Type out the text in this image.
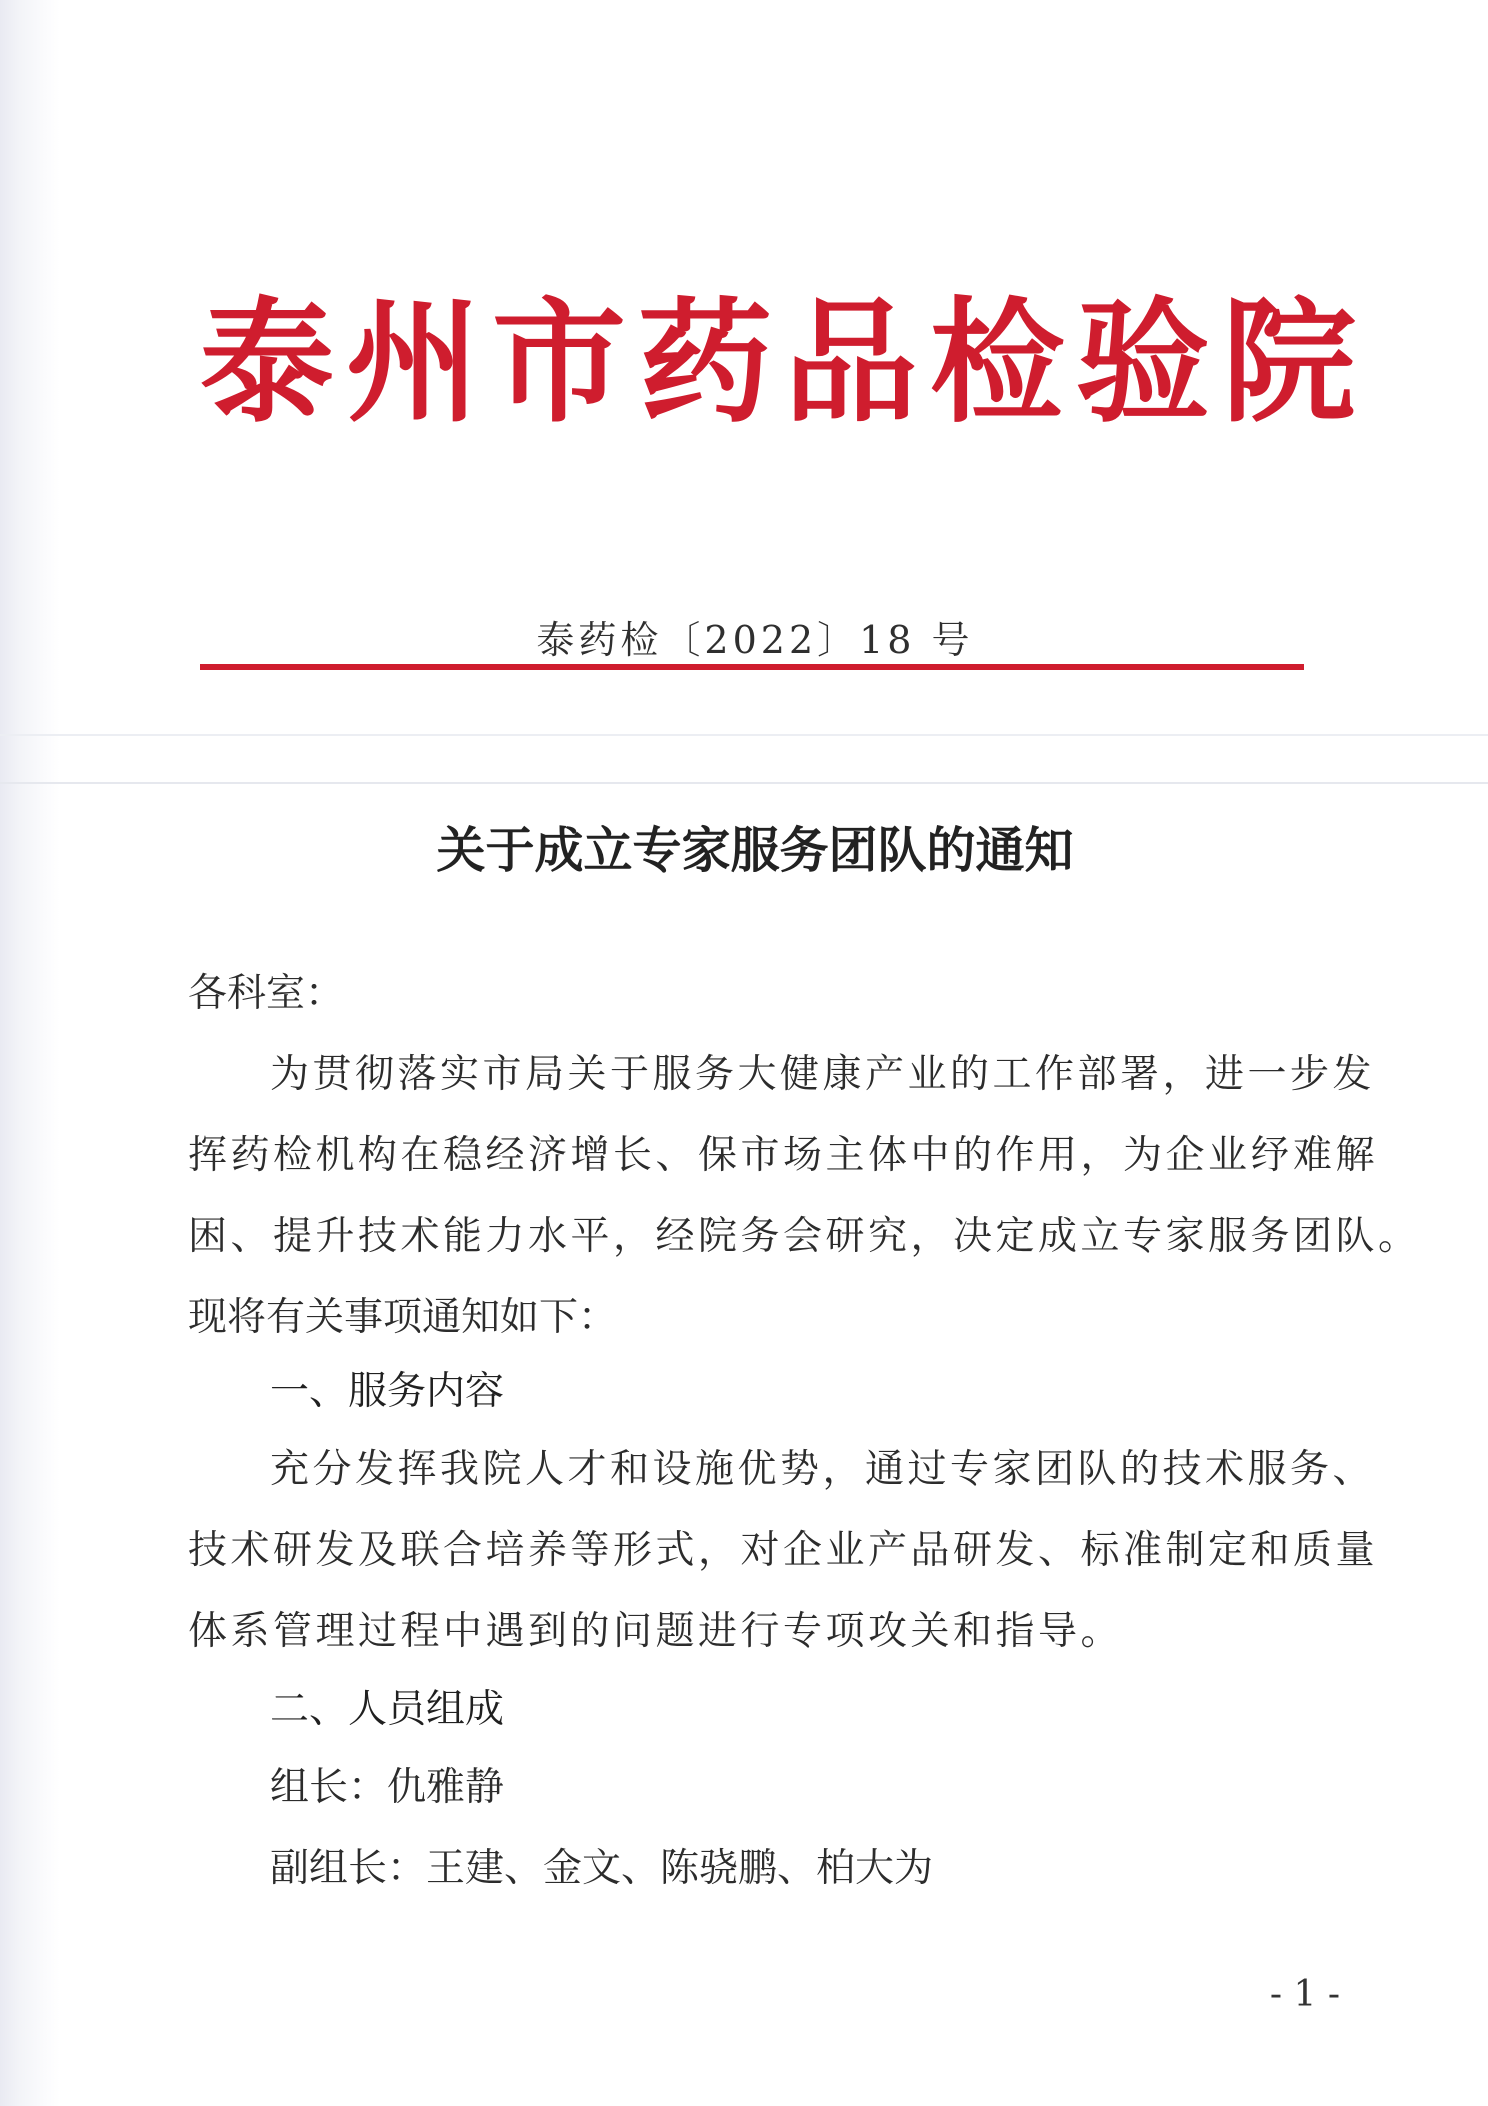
泰州市药品检验院
泰药检〔2022〕18 号
关于成立专家服务团队的通知

各科室：

为贯彻落实市局关于服务大健康产业的工作部署，进一步发

挥药检机构在稳经济增长、保市场主体中的作用，为企业纾难解

困、提升技术能力水平，经院务会研究，决定成立专家服务团队。

现将有关事项通知如下：

一、服务内容

充分发挥我院人才和设施优势，通过专家团队的技术服务、

技术研发及联合培养等形式，对企业产品研发、标准制定和质量

体系管理过程中遇到的问题进行专项攻关和指导。

二、人员组成

组长：仇雅静

副组长：王建、金文、陈骁鹏、柏大为

- 1 -
